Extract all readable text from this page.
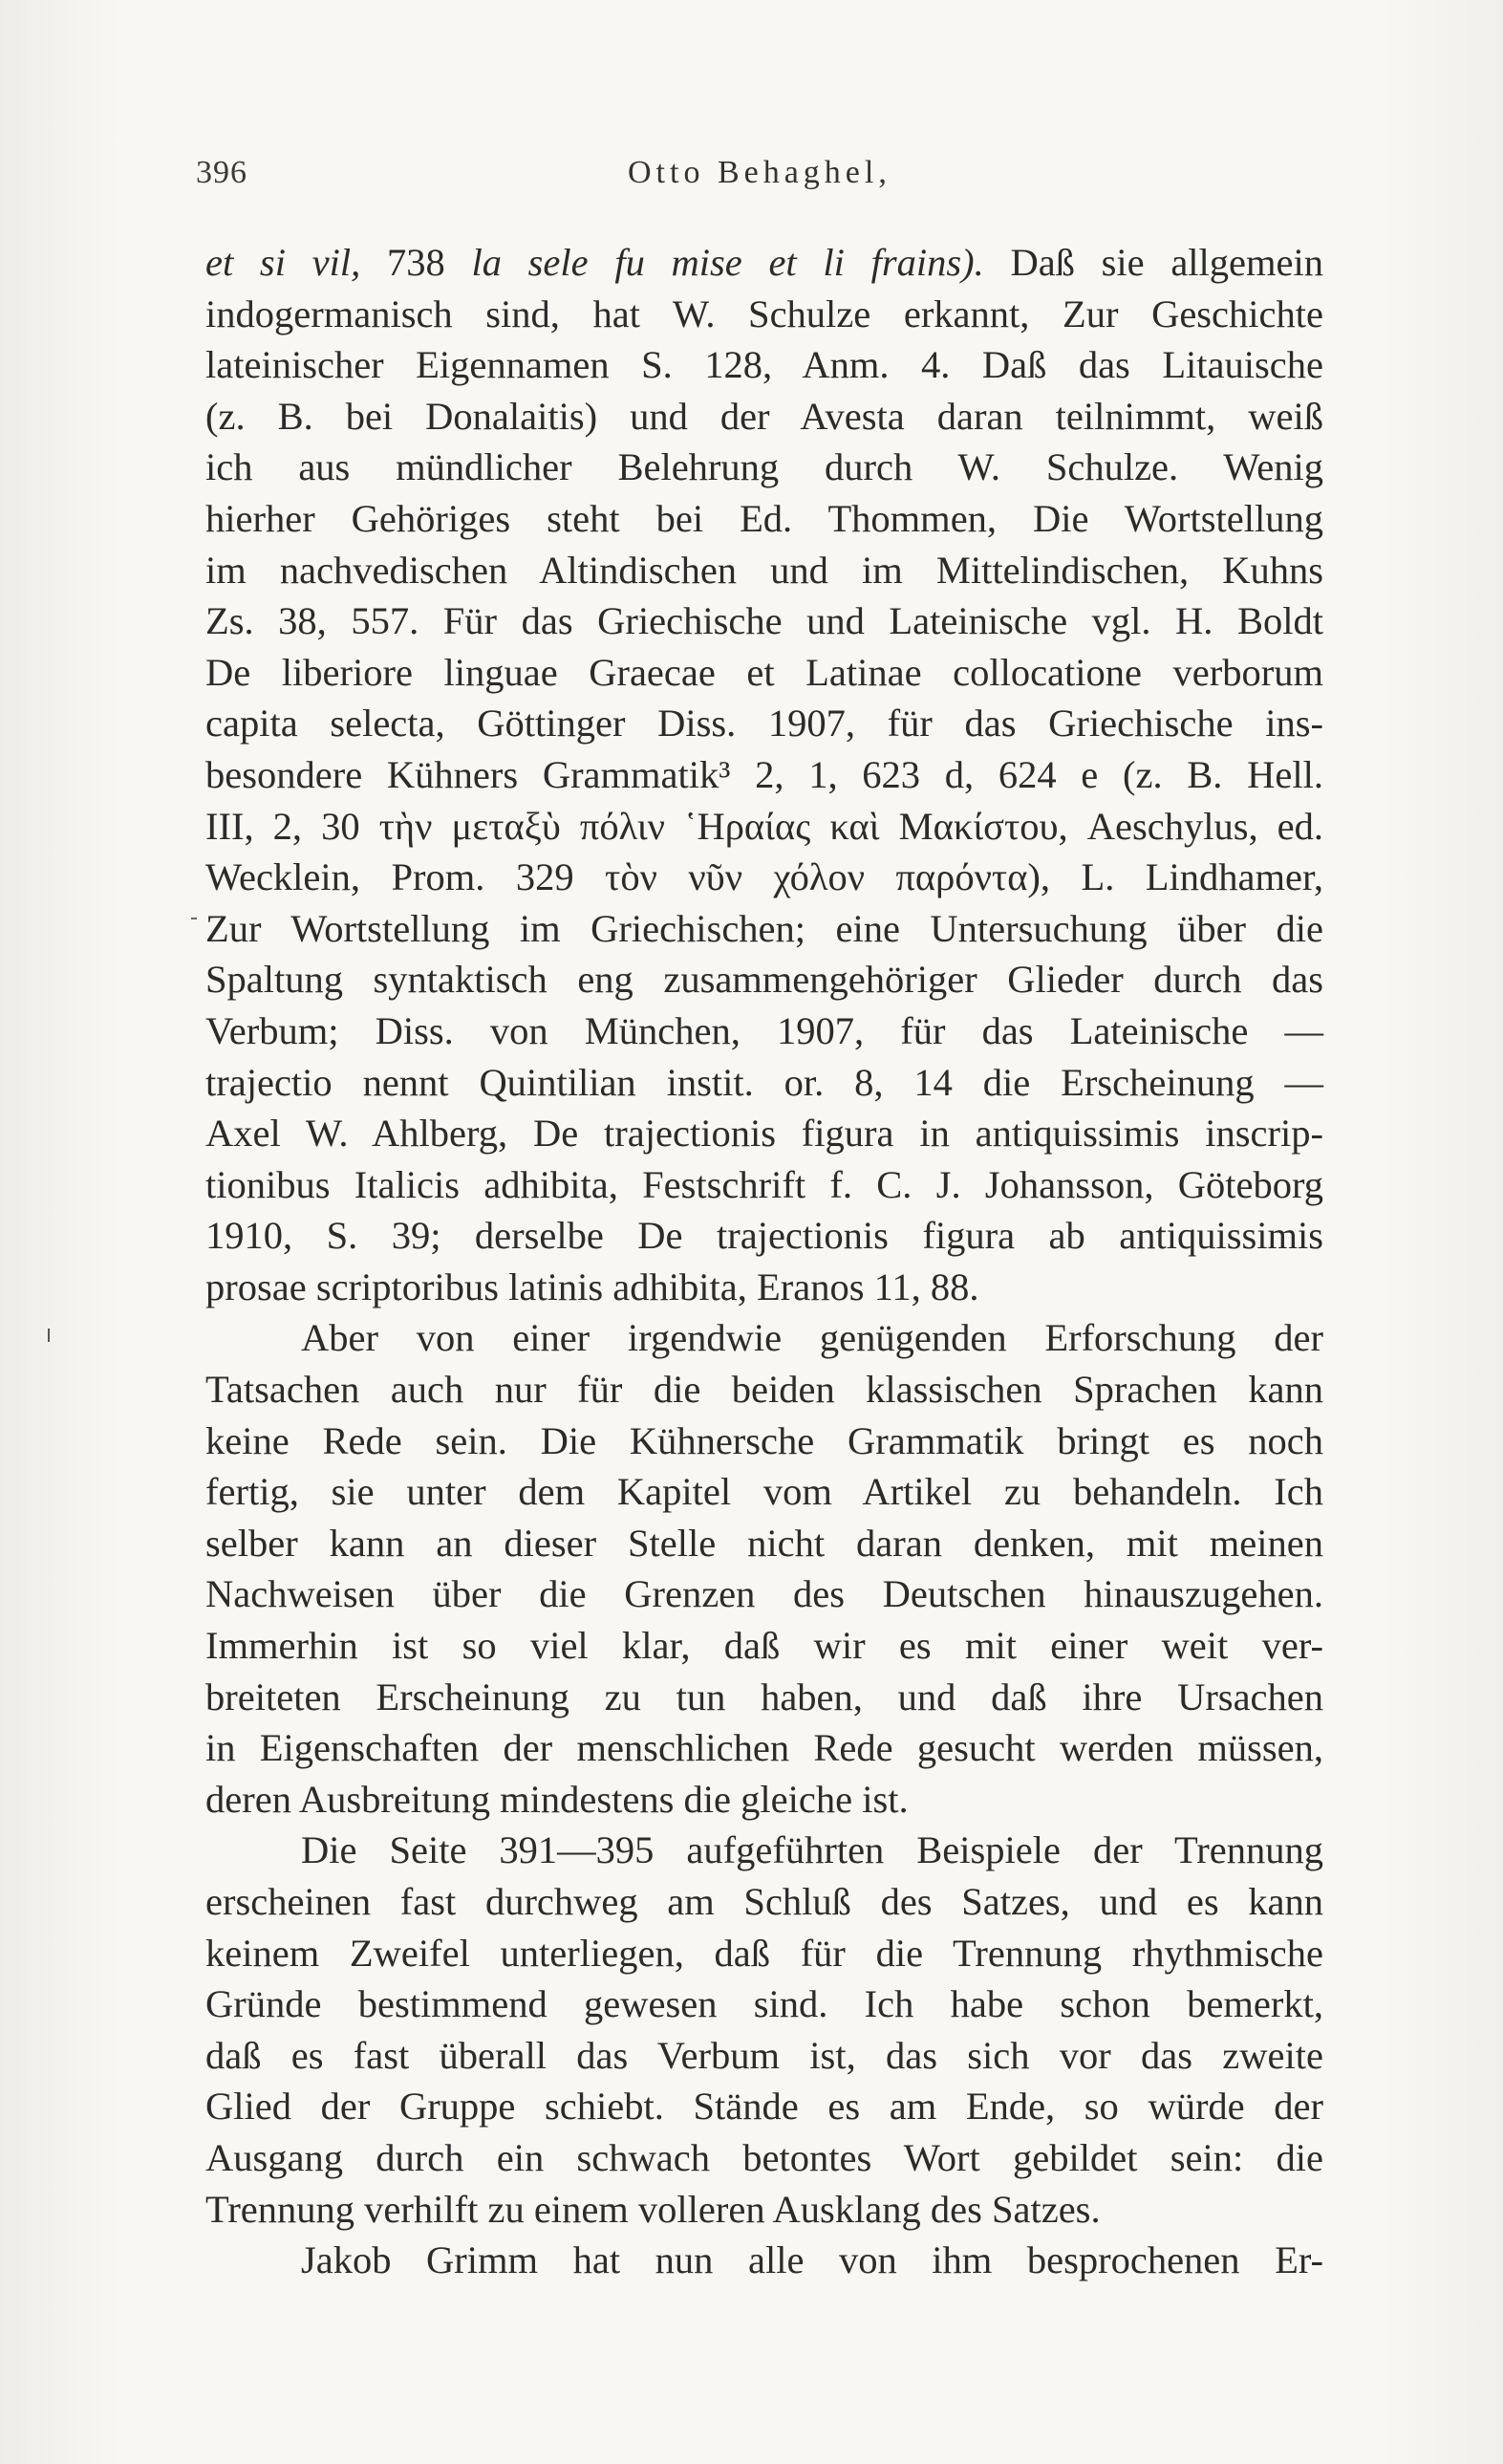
396	Otto Behaghel,
et si vil, 738 la sele fu mise et li frains). Daß sie allgemein
indogermanisch sind, hat W. Schulze erkannt, Zur Geschichte
lateinischer Eigennamen S. 128, Anm. 4. Daß das Litauische
(z. B. bei Donalaitis) und der Avesta daran teilnimmt, weiß
ich aus mündlicher Belehrung durch W. Schulze. Wenig
hierher Gehöriges steht bei Ed. Thommen, Die Wortstellung
im nachvedischen Altindischen und im Mittelindischen, Kuhns
Zs. 38, 557. Für das Griechische und Lateinische vgl. H. Boldt
De liberiore linguae Graecae et Latinae collocatione verborum
capita selecta, Göttinger Diss. 1907, für das Griechische ins-
besondere Kühners Grammatik³ 2, 1, 623 d, 624 e (z. B. Hell.
III, 2, 30 τὴν μεταξὺ πόλιν ῾Ηραίας καὶ Μακίστου, Aeschylus, ed.
Wecklein, Prom. 329 τὸν νῦν χόλον παρόντα), L. Lindhamer,
Zur Wortstellung im Griechischen; eine Untersuchung über die
Spaltung syntaktisch eng zusammengehöriger Glieder durch das
Verbum; Diss. von München, 1907, für das Lateinische —
trajectio nennt Quintilian instit. or. 8, 14 die Erscheinung —
Axel W. Ahlberg, De trajectionis figura in antiquissimis inscrip-
tionibus Italicis adhibita, Festschrift f. C. J. Johansson, Göteborg
1910, S. 39; derselbe De trajectionis figura ab antiquissimis
prosae scriptoribus latinis adhibita, Eranos 11, 88.
Aber von einer irgendwie genügenden Erforschung der
Tatsachen auch nur für die beiden klassischen Sprachen kann
keine Rede sein. Die Kühnersche Grammatik bringt es noch
fertig, sie unter dem Kapitel vom Artikel zu behandeln. Ich
selber kann an dieser Stelle nicht daran denken, mit meinen
Nachweisen über die Grenzen des Deutschen hinauszugehen.
Immerhin ist so viel klar, daß wir es mit einer weit ver-
breiteten Erscheinung zu tun haben, und daß ihre Ursachen
in Eigenschaften der menschlichen Rede gesucht werden müssen,
deren Ausbreitung mindestens die gleiche ist.
Die Seite 391—395 aufgeführten Beispiele der Trennung
erscheinen fast durchweg am Schluß des Satzes, und es kann
keinem Zweifel unterliegen, daß für die Trennung rhythmische
Gründe bestimmend gewesen sind. Ich habe schon bemerkt,
daß es fast überall das Verbum ist, das sich vor das zweite
Glied der Gruppe schiebt. Stände es am Ende, so würde der
Ausgang durch ein schwach betontes Wort gebildet sein: die
Trennung verhilft zu einem volleren Ausklang des Satzes.
Jakob Grimm hat nun alle von ihm besprochenen Er-
